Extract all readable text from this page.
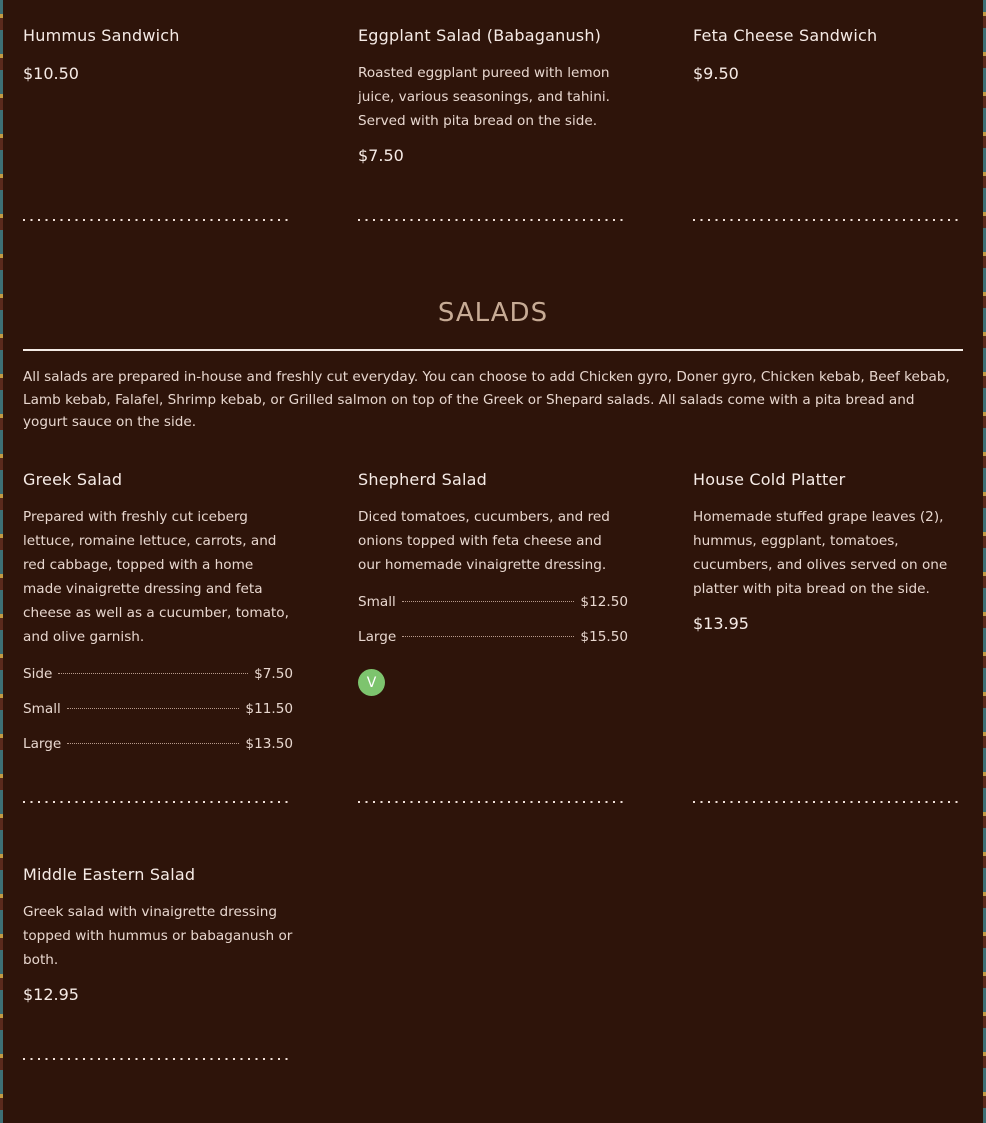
Hummus Sandwich
$10.50
Eggplant Salad (Babaganush)

Roasted eggplant pureed with lemon juice, various seasonings, and tahini. Served with pita bread on the side.

$7.50
Feta Cheese Sandwich
$9.50
SALADS
All salads are prepared in-house and freshly cut everyday. You can choose to add Chicken gyro, Doner gyro, Chicken kebab, Beef kebab, Lamb kebab, Falafel, Shrimp kebab, or Grilled salmon on top of the Greek or Shepard salads. All salads come with a pita bread and yogurt sauce on the side.
Greek Salad

Prepared with freshly cut iceberg lettuce, romaine lettuce, carrots, and red cabbage, topped with a home made vinaigrette dressing and feta cheese as well as a cucumber, tomato, and olive garnish.

Side	$7.50
Small	$11.50
Large	$13.50
Shepherd Salad

Diced tomatoes, cucumbers, and red onions topped with feta cheese and our homemade vinaigrette dressing.

Small	$12.50
Large	$15.50
V
House Cold Platter

Homemade stuffed grape leaves (2), hummus, eggplant, tomatoes, cucumbers, and olives served on one platter with pita bread on the side.

$13.95
Middle Eastern Salad

Greek salad with vinaigrette dressing topped with hummus or babaganush or both.

$12.95
